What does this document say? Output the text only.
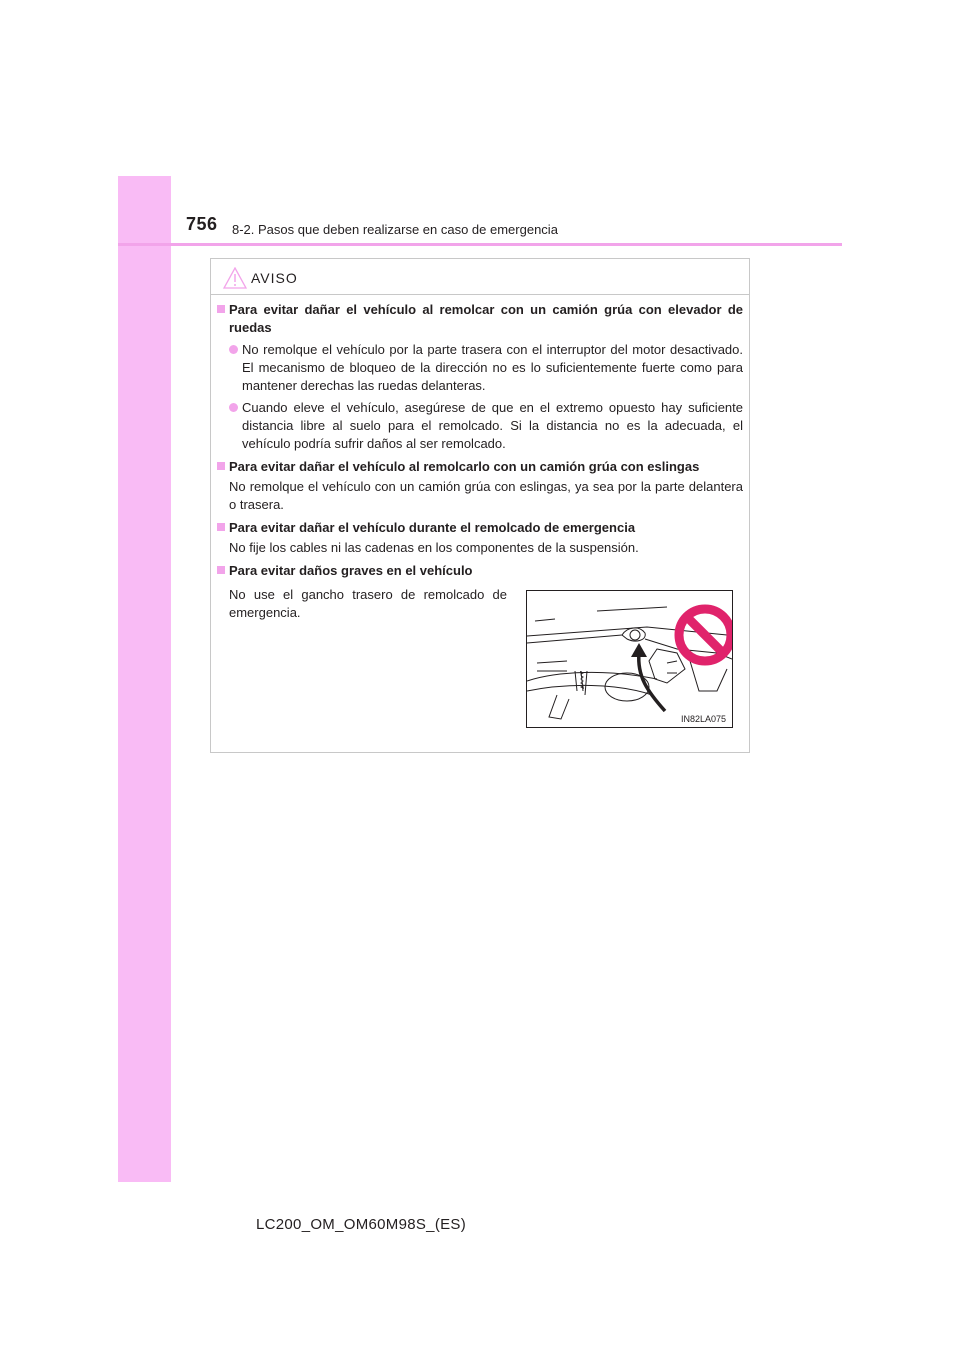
756 8-2. Pasos que deben realizarse en caso de emergencia
AVISO
Para evitar dañar el vehículo al remolcar con un camión grúa con elevador de ruedas
No remolque el vehículo por la parte trasera con el interruptor del motor desactivado. El mecanismo de bloqueo de la dirección no es lo suficientemente fuerte como para mantener derechas las ruedas delanteras.
Cuando eleve el vehículo, asegúrese de que en el extremo opuesto hay suficiente distancia libre al suelo para el remolcado. Si la distancia no es la adecuada, el vehículo podría sufrir daños al ser remolcado.
Para evitar dañar el vehículo al remolcarlo con un camión grúa con eslingas
No remolque el vehículo con un camión grúa con eslingas, ya sea por la parte delantera o trasera.
Para evitar dañar el vehículo durante el remolcado de emergencia
No fije los cables ni las cadenas en los componentes de la suspensión.
Para evitar daños graves en el vehículo
No use el gancho trasero de remolcado de emergencia.
IN82LA075
LC200_OM_OM60M98S_(ES)
